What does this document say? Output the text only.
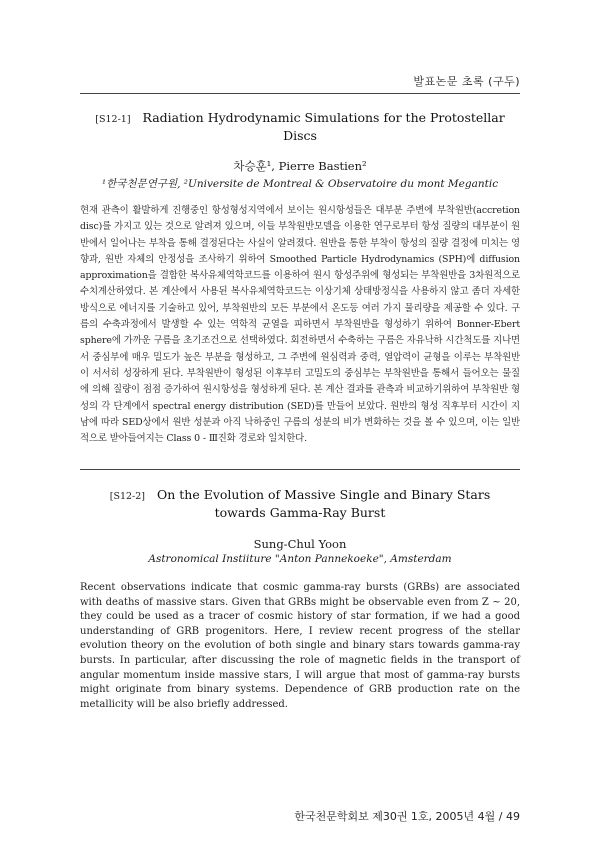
발표논문 초록 (구두)
[S12-1] Radiation Hydrodynamic Simulations for the Protostellar Discs
차승훈¹, Pierre Bastien²
¹한국천문연구원, ²Universite de Montreal & Observatoire du mont Megantic
현재 관측이 활발하게 진행중인 항성형성지역에서 보이는 원시항성들은 대부분 주변에 부착원반(accretion disc)를 가지고 있는 것으로 알려져 있으며, 이들 부착원반모델을 이용한 연구로부터 항성 질량의 대부분이 원반에서 일어나는 부착을 통해 결정된다는 사실이 알려졌다. 원반을 통한 부착이 항성의 질량 결정에 미치는 영향과, 원반 자체의 안정성을 조사하기 위하여 Smoothed Particle Hydrodynamics (SPH)에 diffusion approximation을 결합한 복사유체역학코드를 이용하여 원시 항성주위에 형성되는 부착원반을 3차원적으로 수치계산하였다. 본 계산에서 사용된 복사유체역학코드는 이상기체 상태방정식을 사용하지 않고 좀더 자세한 방식으로 에너지를 기술하고 있어, 부착원반의 모든 부분에서 온도등 여러 가지 물리량을 제공할 수 있다. 구름의 수축과정에서 발생할 수 있는 역학적 균열을 피하면서 부착원반을 형성하기 위하여 Bonner-Ebert sphere에 가까운 구름을 초기조건으로 선택하였다. 회전하면서 수축하는 구름은 자유낙하 시간척도를 지나면서 중심부에 매우 밀도가 높은 부분을 형성하고, 그 주변에 원심력과 중력, 열압력이 균형을 이루는 부착원반이 서서히 성장하게 된다. 부착원반이 형성된 이후부터 고밀도의 중심부는 부착원반을 통해서 들어오는 물질에 의해 질량이 점점 증가하여 원시항성을 형성하게 된다. 본 계산 결과를 관측과 비교하기위하여 부착원반 형성의 각 단계에서 spectral energy distribution (SED)를 만들어 보았다. 원반의 형성 직후부터 시간이 지남에 따라 SED상에서 원반 성분과 아직 낙하중인 구름의 성분의 비가 변화하는 것을 볼 수 있으며, 이는 일반적으로 받아들여지는 Class 0 - Ⅲ진화 경로와 일치한다.
[S12-2] On the Evolution of Massive Single and Binary Stars
towards Gamma-Ray Burst
Sung-Chul Yoon
Astronomical Instiiture "Anton Pannekoeke", Amsterdam
Recent observations indicate that cosmic gamma-ray bursts (GRBs) are associated with deaths of massive stars. Given that GRBs might be observable even from Z ~ 20, they could be used as a tracer of cosmic history of star formation, if we had a good understanding of GRB progenitors. Here, I review recent progress of the stellar evolution theory on the evolution of both single and binary stars towards gamma-ray bursts. In particular, after discussing the role of magnetic fields in the transport of angular momentum inside massive stars, I will argue that most of gamma-ray bursts might originate from binary systems. Dependence of GRB production rate on the metallicity will be also briefly addressed.
한국천문학회보 제30권 1호, 2005년 4월 / 49
